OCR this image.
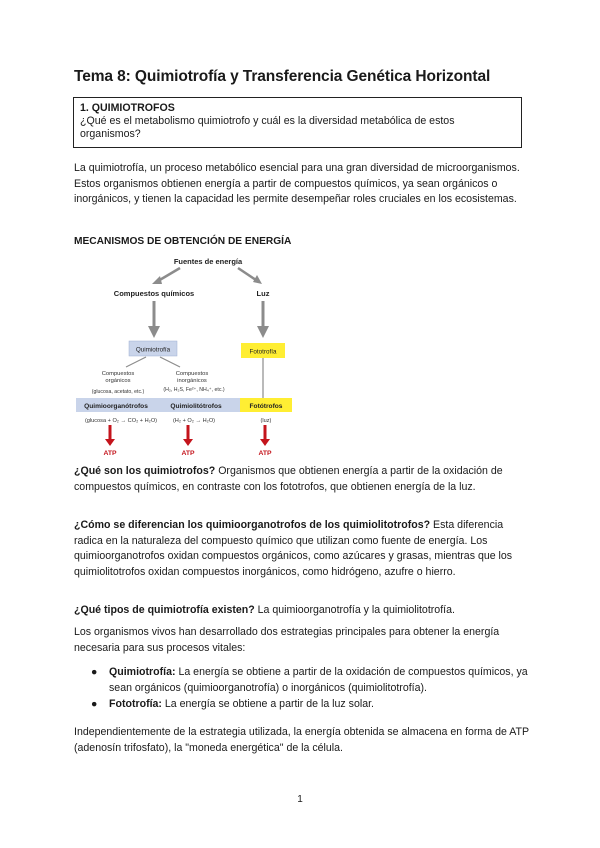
Tema 8: Quimiotrofía y Transferencia Genética Horizontal
1. QUIMIOTROFOS
¿Qué es el metabolismo quimiotrofo y cuál es la diversidad metabólica de estos organismos?

La quimiotrofía, un proceso metabólico esencial para una gran diversidad de microorganismos. Estos organismos obtienen energía a partir de compuestos químicos, ya sean orgánicos o inorgánicos, y tienen la capacidad les permite desempeñar roles cruciales en los ecosistemas.

MECANISMOS DE OBTENCIÓN DE ENERGÍA
Fuentes de energía
Compuestos químicos	Luz
Quimiotrofía	Fototrofía
Compuestos
orgánicos
(glucosa, acetato, etc.)
Compuestos
inorgánicos
(H₂, H₂S, Fe²⁺, NH₄⁺, etc.)
Quimioorganótrofos	Quimiolitótrofos	Fotótrofos
(glucosa + O₂ → CO₂ + H₂O)	(H₂ + O₂ → H₂O)	(luz)
ATP	ATP	ATP

¿Qué son los quimiotrofos? Organismos que obtienen energía a partir de la oxidación de compuestos químicos, en contraste con los fototrofos, que obtienen energía de la luz.

¿Cómo se diferencian los quimioorganotrofos de los quimiolitotrofos? Esta diferencia radica en la naturaleza del compuesto químico que utilizan como fuente de energía. Los quimioorganotrofos oxidan compuestos orgánicos, como azúcares y grasas, mientras que los quimiolitotrofos oxidan compuestos inorgánicos, como hidrógeno, azufre o hierro.

¿Qué tipos de quimiotrofía existen? La quimioorganotrofía y la quimiolitotrofía.

Los organismos vivos han desarrollado dos estrategias principales para obtener la energía necesaria para sus procesos vitales:

● Quimiotrofía: La energía se obtiene a partir de la oxidación de compuestos químicos, ya sean orgánicos (quimioorganotrofía) o inorgánicos (quimiolitotrofía).
● Fototrofía: La energía se obtiene a partir de la luz solar.

Independientemente de la estrategia utilizada, la energía obtenida se almacena en forma de ATP (adenosín trifosfato), la "moneda energética" de la célula.

1
